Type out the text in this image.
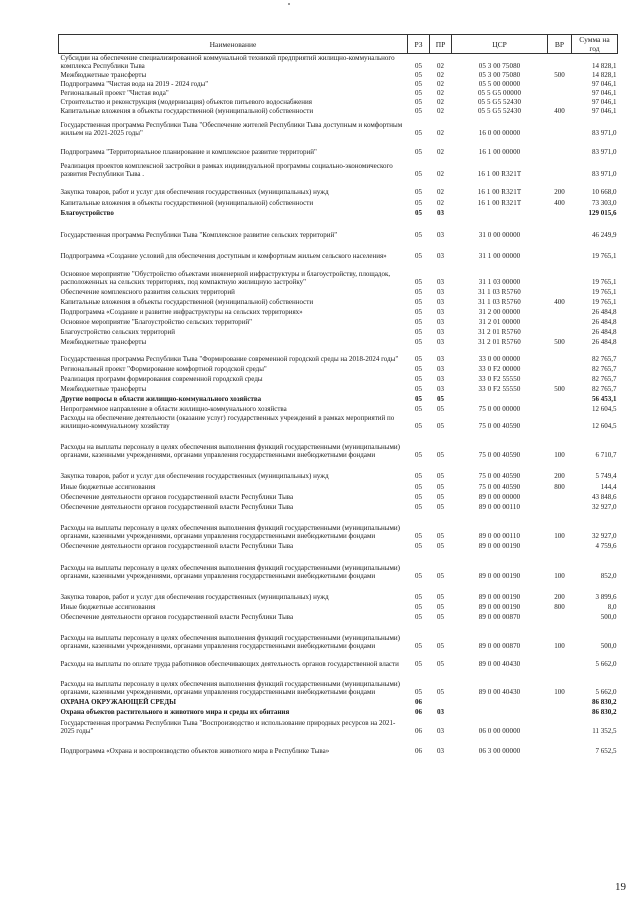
Наименование	РЗ	ПР	ЦСР	ВР	Сумма на год
Субсидии на обеспечение специализированной коммунальной техникой предприятий жилищно-коммунального комплекса Республики Тыва	05	02	05 3 00 75080		14 828,1
Межбюджетные трансферты	05	02	05 3 00 75080	500	14 828,1
Подпрограмма "Чистая вода на 2019 - 2024 годы"	05	02	05 5 00 00000		97 046,1
Региональный проект "Чистая вода"	05	02	05 5 G5 00000		97 046,1
Строительство и реконструкция (модернизация) объектов питьевого водоснабжения	05	02	05 5 G5 52430		97 046,1
Капитальные вложения в объекты государственной (муниципальной) собственности	05	02	05 5 G5 52430	400	97 046,1
Государственная программа Республики Тыва "Обеспечение жителей Республики Тыва доступным и комфортным жильем на 2021-2025 годы"	05	02	16 0 00 00000		83 971,0
Подпрограмма "Территориальное планирование и комплексное развитие территорий"	05	02	16 1 00 00000		83 971,0
Реализация проектов комплексной застройки в рамках индивидуальной программы социально-экономического развития Республики Тыва .	05	02	16 1 00 R321T		83 971,0
Закупка товаров, работ и услуг для обеспечения государственных (муниципальных) нужд	05	02	16 1 00 R321T	200	10 668,0
Капитальные вложения в объекты государственной (муниципальной) собственности	05	02	16 1 00 R321T	400	73 303,0
Благоустройство	05	03			129 015,6
Государственная программа Республики Тыва "Комплексное развитие сельских территорий"	05	03	31 0 00 00000		46 249,9
Подпрограмма «Создание условий для обеспечения доступным и комфортным жильем сельского населения»	05	03	31 1 00 00000		19 765,1
Основное мероприятие "Обустройство объектами инженерной инфраструктуры и благоустройству, площадок, расположенных на сельских территориях, под компактную жилищную застройку"	05	03	31 1 03 00000		19 765,1
Обеспечение комплексного развития сельских территорий	05	03	31 1 03 R5760		19 765,1
Капитальные вложения в объекты государственной (муниципальной) собственности	05	03	31 1 03 R5760	400	19 765,1
Подпрограмма «Создание и развитие инфраструктуры на сельских территориях»	05	03	31 2 00 00000		26 484,8
Основное мероприятие "Благоустройство сельских территорий"	05	03	31 2 01 00000		26 484,8
Благоустройство сельских территорий	05	03	31 2 01 R5760		26 484,8
Межбюджетные трансферты	05	03	31 2 01 R5760	500	26 484,8
Государственная программа Республики Тыва "Формирование современной городской среды на 2018-2024 годы"	05	03	33 0 00 00000		82 765,7
Региональный проект "Формирование комфортной городской среды"	05	03	33 0 F2 00000		82 765,7
Реализация программ формирования современной городской среды	05	03	33 0 F2 55550		82 765,7
Межбюджетные трансферты	05	03	33 0 F2 55550	500	82 765,7
Другие вопросы в области жилищно-коммунального хозяйства	05	05			56 453,1
Непрограммное направление в области жилищно-коммунального хозяйства	05	05	75 0 00 00000		12 604,5
Расходы на обеспечение деятельности (оказание услуг) государственных учреждений в рамках мероприятий по жилищно-коммунальному хозяйству	05	05	75 0 00 40590		12 604,5
Расходы на выплаты персоналу в целях обеспечения выполнения функций государственными (муниципальными) органами, казенными учреждениями, органами управления государственными внебюджетными фондами	05	05	75 0 00 40590	100	6 710,7
Закупка товаров, работ и услуг для обеспечения государственных (муниципальных) нужд	05	05	75 0 00 40590	200	5 749,4
Иные бюджетные ассигнования	05	05	75 0 00 40590	800	144,4
Обеспечение деятельности органов государственной власти Республики Тыва	05	05	89 0 00 00000		43 848,6
Обеспечение деятельности органов государственной власти Республики Тыва	05	05	89 0 00 00110		32 927,0
Расходы на выплаты персоналу в целях обеспечения выполнения функций государственными (муниципальными) органами, казенными учреждениями, органами управления государственными внебюджетными фондами	05	05	89 0 00 00110	100	32 927,0
Обеспечение деятельности органов государственной власти Республики Тыва	05	05	89 0 00 00190		4 759,6
Расходы на выплаты персоналу в целях обеспечения выполнения функций государственными (муниципальными) органами, казенными учреждениями, органами управления государственными внебюджетными фондами	05	05	89 0 00 00190	100	852,0
Закупка товаров, работ и услуг для обеспечения государственных (муниципальных) нужд	05	05	89 0 00 00190	200	3 899,6
Иные бюджетные ассигнования	05	05	89 0 00 00190	800	8,0
Обеспечение деятельности органов государственной власти Республики Тыва	05	05	89 0 00 00870		500,0
Расходы на выплаты персоналу в целях обеспечения выполнения функций государственными (муниципальными) органами, казенными учреждениями, органами управления государственными внебюджетными фондами	05	05	89 0 00 00870	100	500,0
Расходы на выплаты по оплате труда работников обеспечивающих деятельность органов государственной власти	05	05	89 0 00 40430		5 662,0
Расходы на выплаты персоналу в целях обеспечения выполнения функций государственными (муниципальными) органами, казенными учреждениями, органами управления государственными внебюджетными фондами	05	05	89 0 00 40430	100	5 662,0
ОХРАНА ОКРУЖАЮЩЕЙ СРЕДЫ	06				86 830,2
Охрана объектов растительного и животного мира и среды их обитания	06	03			86 830,2
Государственная программа Республики Тыва "Воспроизводство и использование природных ресурсов на 2021-2025 годы"	06	03	06 0 00 00000		11 352,5
Подпрограмма «Охрана и воспроизводство объектов животного мира в Республике Тыва»	06	03	06 3 00 00000		7 652,5
19
